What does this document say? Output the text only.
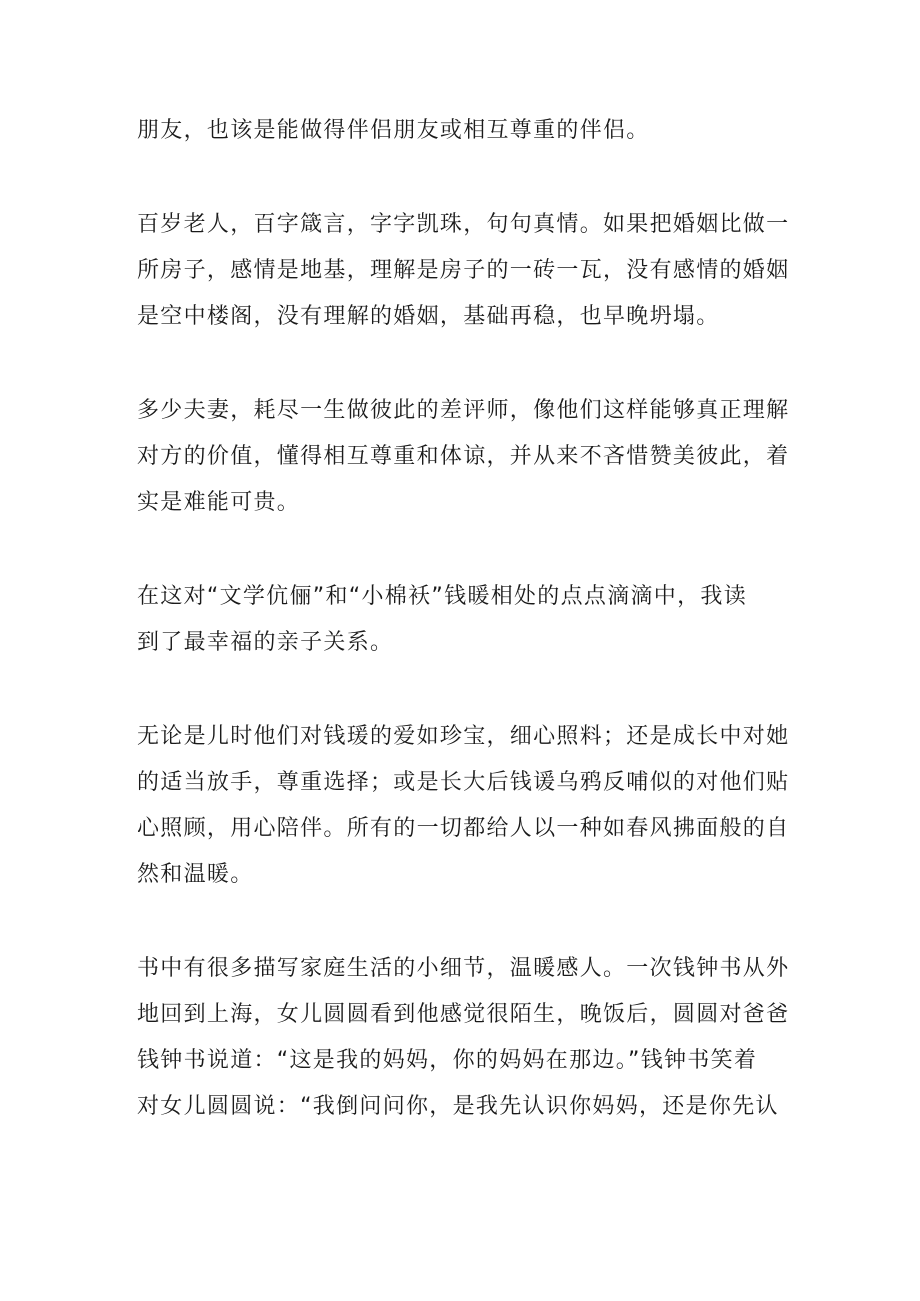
朋友，也该是能做得伴侣朋友或相互尊重的伴侣。

百岁老人，百字箴言，字字凯珠，句句真情。如果把婚姻比做一
所房子，感情是地基，理解是房子的一砖一瓦，没有感情的婚姻
是空中楼阁，没有理解的婚姻，基础再稳，也早晚坍塌。

多少夫妻，耗尽一生做彼此的差评师，像他们这样能够真正理解
对方的价值，懂得相互尊重和体谅，并从来不吝惜赞美彼此，着
实是难能可贵。

在这对“文学伉俪”和“小棉袄”钱暖相处的点点滴滴中，我读
到了最幸福的亲子关系。

无论是儿时他们对钱瑗的爱如珍宝，细心照料；还是成长中对她
的适当放手，尊重选择；或是长大后钱谖乌鸦反哺似的对他们贴
心照顾，用心陪伴。所有的一切都给人以一种如春风拂面般的自
然和温暖。

书中有很多描写家庭生活的小细节，温暖感人。一次钱钟书从外
地回到上海，女儿圆圆看到他感觉很陌生，晚饭后，圆圆对爸爸
钱钟书说道：“这是我的妈妈，你的妈妈在那边。”钱钟书笑着
对女儿圆圆说：“我倒问问你，是我先认识你妈妈，还是你先认
